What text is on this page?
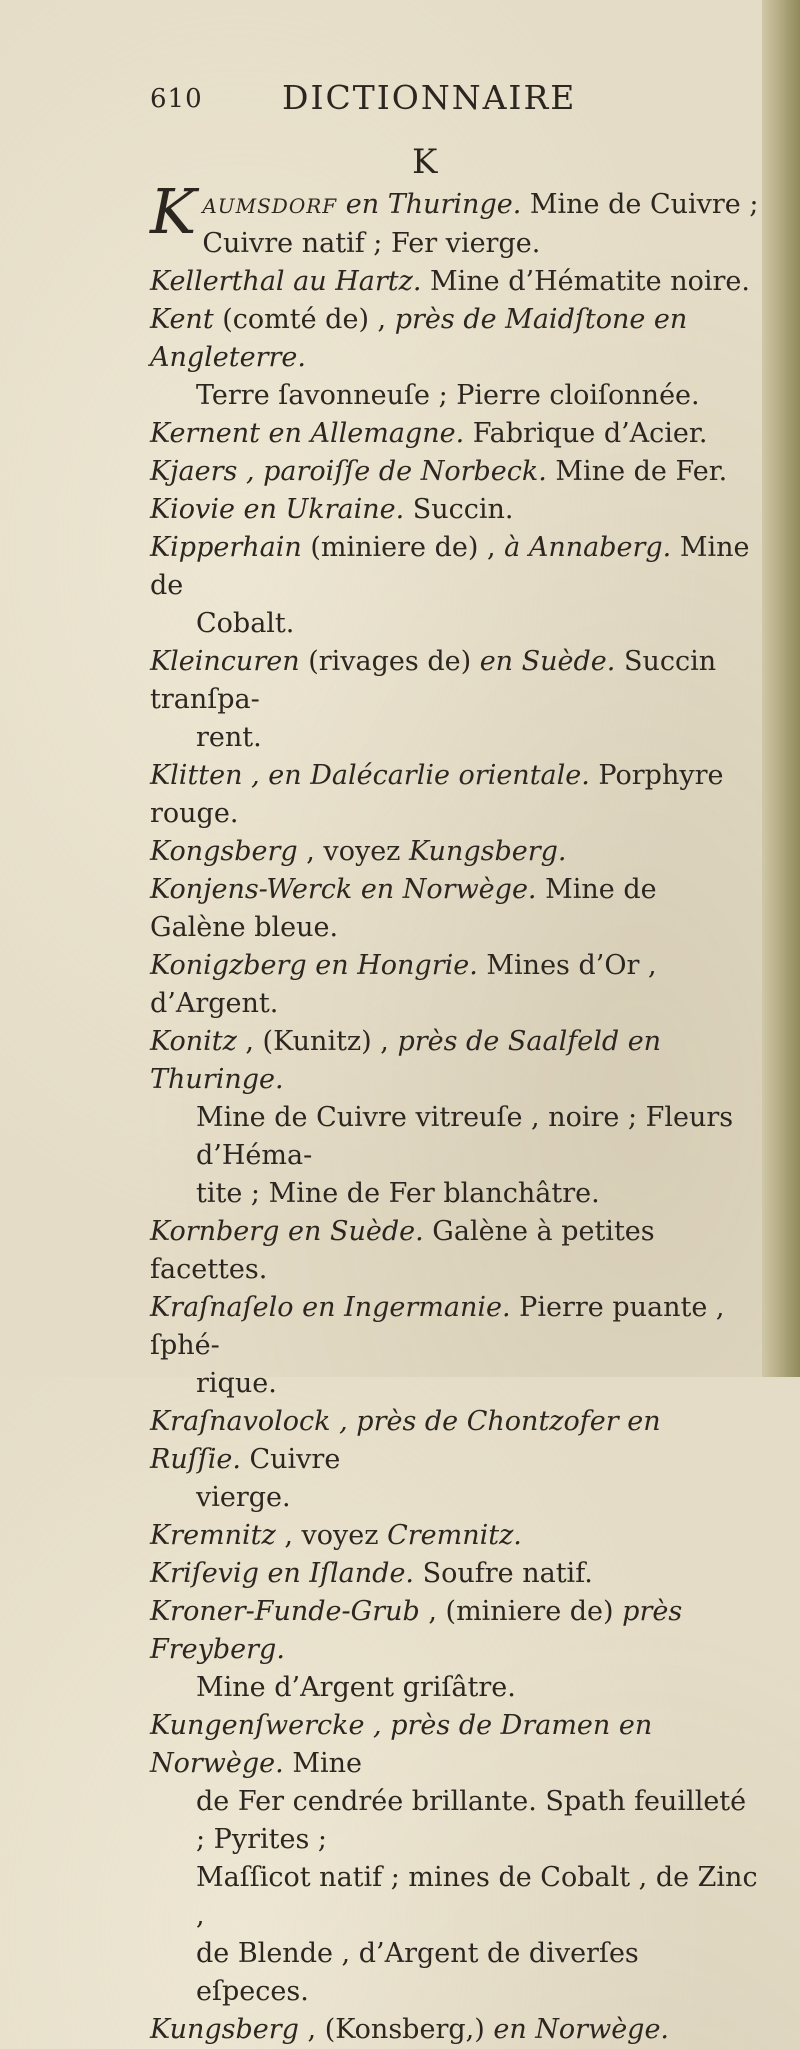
610 DICTIONNAIRE
K

KAUMSDORF en Thuringe. Mine de Cuivre ;
Cuivre natif ; Fer vierge.

Kellerthal au Hartz. Mine d’Hématite noire.

Kent (comté de) , près de Maidſtone en Angleterre.
Terre ſavonneuſe ; Pierre cloiſonnée.

Kernent en Allemagne. Fabrique d’Acier.

Kjaers , paroiſſe de Norbeck. Mine de Fer.

Kiovie en Ukraine. Succin.

Kipperhain (miniere de) , à Annaberg. Mine de
Cobalt.

Kleincuren (rivages de) en Suède. Succin tranſpa-
rent.

Klitten , en Dalécarlie orientale. Porphyre rouge.

Kongsberg , voyez Kungsberg.

Konjens-Werck en Norwège. Mine de Galène bleue.

Konigzberg en Hongrie. Mines d’Or , d’Argent.

Konitz , (Kunitz) , près de Saalfeld en Thuringe.
Mine de Cuivre vitreuſe , noire ; Fleurs d’Héma-
tite ; Mine de Fer blanchâtre.

Kornberg en Suède. Galène à petites facettes.

Kraſnaſelo en Ingermanie. Pierre puante , ſphé-
rique.

Kraſnavolock , près de Chontzofer en Ruſſie. Cuivre
vierge.

Kremnitz , voyez Cremnitz.

Kriſevig en Iſlande. Soufre natif.

Kroner-Funde-Grub , (miniere de) près Freyberg.
Mine d’Argent griſâtre.

Kungenſwercke , près de Dramen en Norwège. Mine
de Fer cendrée brillante. Spath feuilleté ; Pyrites ;
Maſſicot natif ; mines de Cobalt , de Zinc ,
de Blende , d’Argent de diverſes eſpeces.

Kungsberg , (Konsberg,) en Norwège.
